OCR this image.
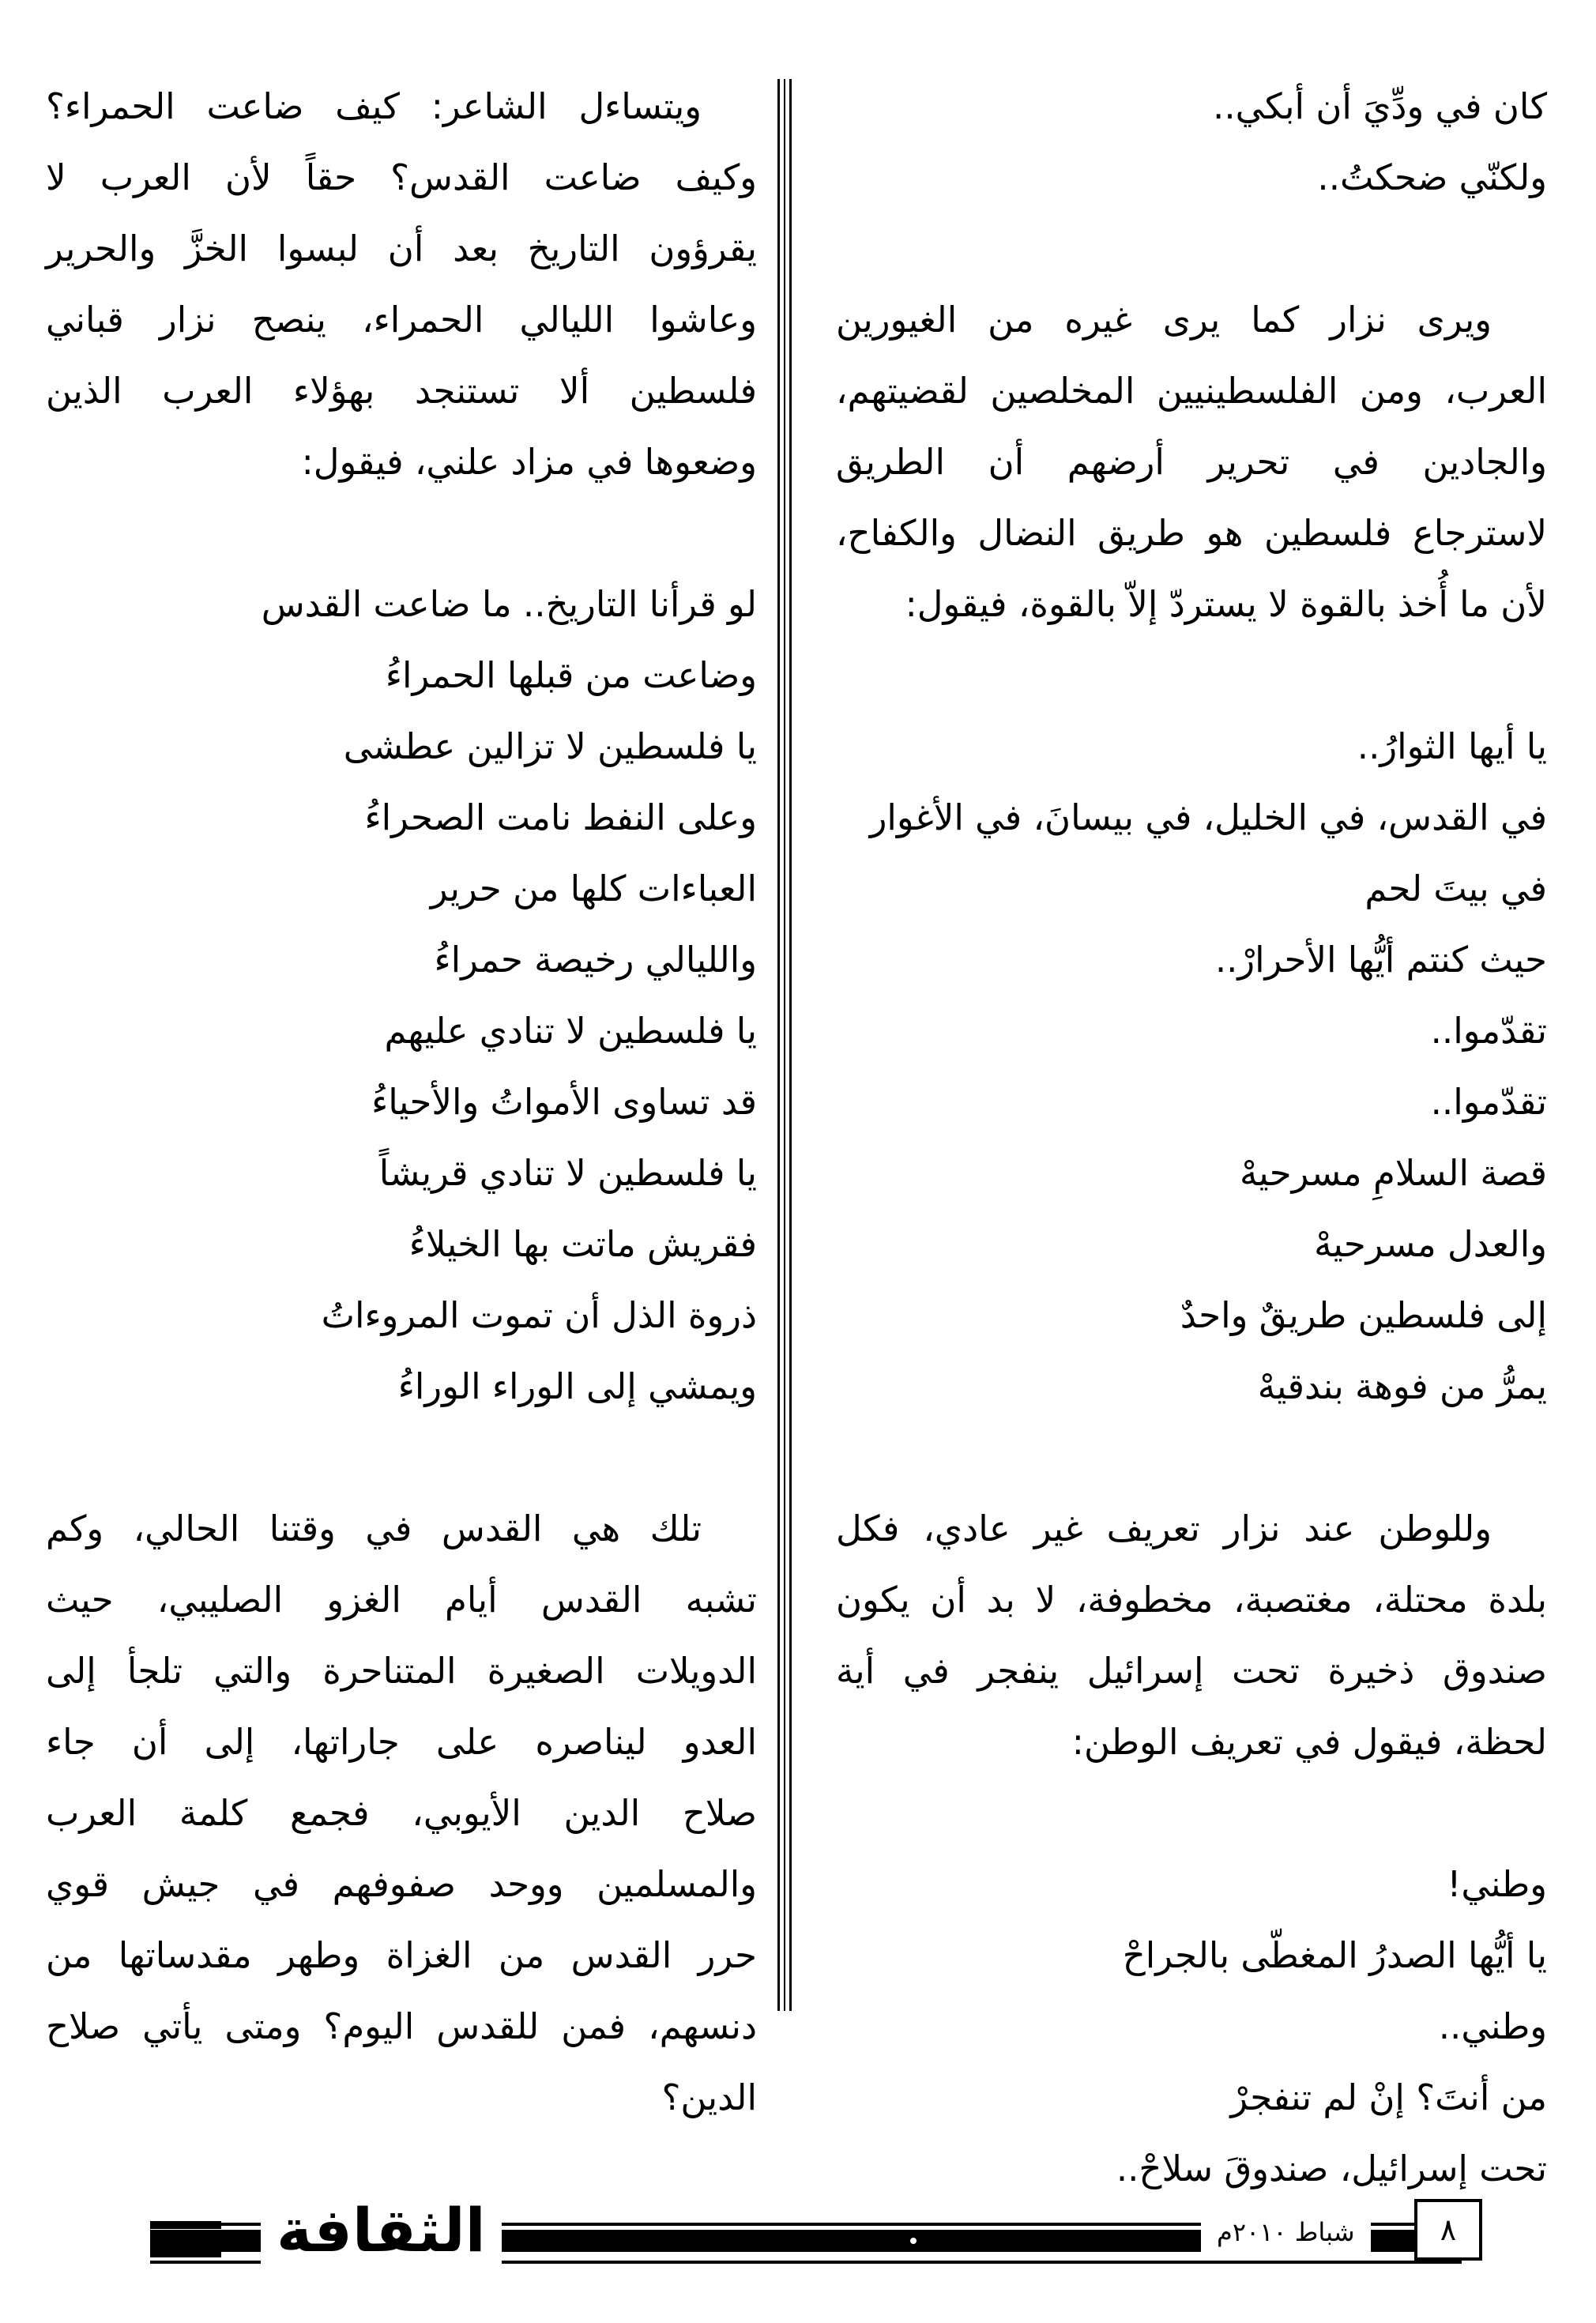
كان في ودِّيَ أن أبكي..
ولكنّي ضحكتُ..
ويرى نزار كما يرى غيره من الغيورين
العرب، ومن الفلسطينيين المخلصين لقضيتهم،
والجادين في تحرير أرضهم أن الطريق
لاسترجاع فلسطين هو طريق النضال والكفاح،
لأن ما أُخذ بالقوة لا يستردّ إلاّ بالقوة، فيقول:
يا أيها الثوارُ..
في القدس، في الخليل، في بيسانَ، في الأغوار
في بيتَ لحم
حيث كنتم أيُّها الأحرارْ..
تقدّموا..
تقدّموا..
قصة السلامِ مسرحيهْ
والعدل مسرحيهْ
إلى فلسطين طريقٌ واحدٌ
يمرُّ من فوهة بندقيهْ
وللوطن عند نزار تعريف غير عادي، فكل
بلدة محتلة، مغتصبة، مخطوفة، لا بد أن يكون
صندوق ذخيرة تحت إسرائيل ينفجر في أية
لحظة، فيقول في تعريف الوطن:
وطني!
يا أيُّها الصدرُ المغطّى بالجراحْ
وطني..
من أنتَ؟ إنْ لم تنفجرْ
تحت إسرائيل، صندوقَ سلاحْ..
ويتساءل الشاعر: كيف ضاعت الحمراء؟
وكيف ضاعت القدس؟ حقاً لأن العرب لا
يقرؤون التاريخ بعد أن لبسوا الخزَّ والحرير
وعاشوا الليالي الحمراء، ينصح نزار قباني
فلسطين ألا تستنجد بهؤلاء العرب الذين
وضعوها في مزاد علني، فيقول:
لو قرأنا التاريخ.. ما ضاعت القدس
وضاعت من قبلها الحمراءُ
يا فلسطين لا تزالين عطشى
وعلى النفط نامت الصحراءُ
العباءات كلها من حرير
والليالي رخيصة حمراءُ
يا فلسطين لا تنادي عليهم
قد تساوى الأمواتُ والأحياءُ
يا فلسطين لا تنادي قريشاً
فقريش ماتت بها الخيلاءُ
ذروة الذل أن تموت المروءاتُ
ويمشي إلى الوراء الوراءُ
تلك هي القدس في وقتنا الحالي، وكم
تشبه القدس أيام الغزو الصليبي، حيث
الدويلات الصغيرة المتناحرة والتي تلجأ إلى
العدو ليناصره على جاراتها، إلى أن جاء
صلاح الدين الأيوبي، فجمع كلمة العرب
والمسلمين ووحد صفوفهم في جيش قوي
حرر القدس من الغزاة وطهر مقدساتها من
دنسهم، فمن للقدس اليوم؟ ومتى يأتي صلاح
الدين؟
الثقافة	شباط ٢٠١٠م	٨
